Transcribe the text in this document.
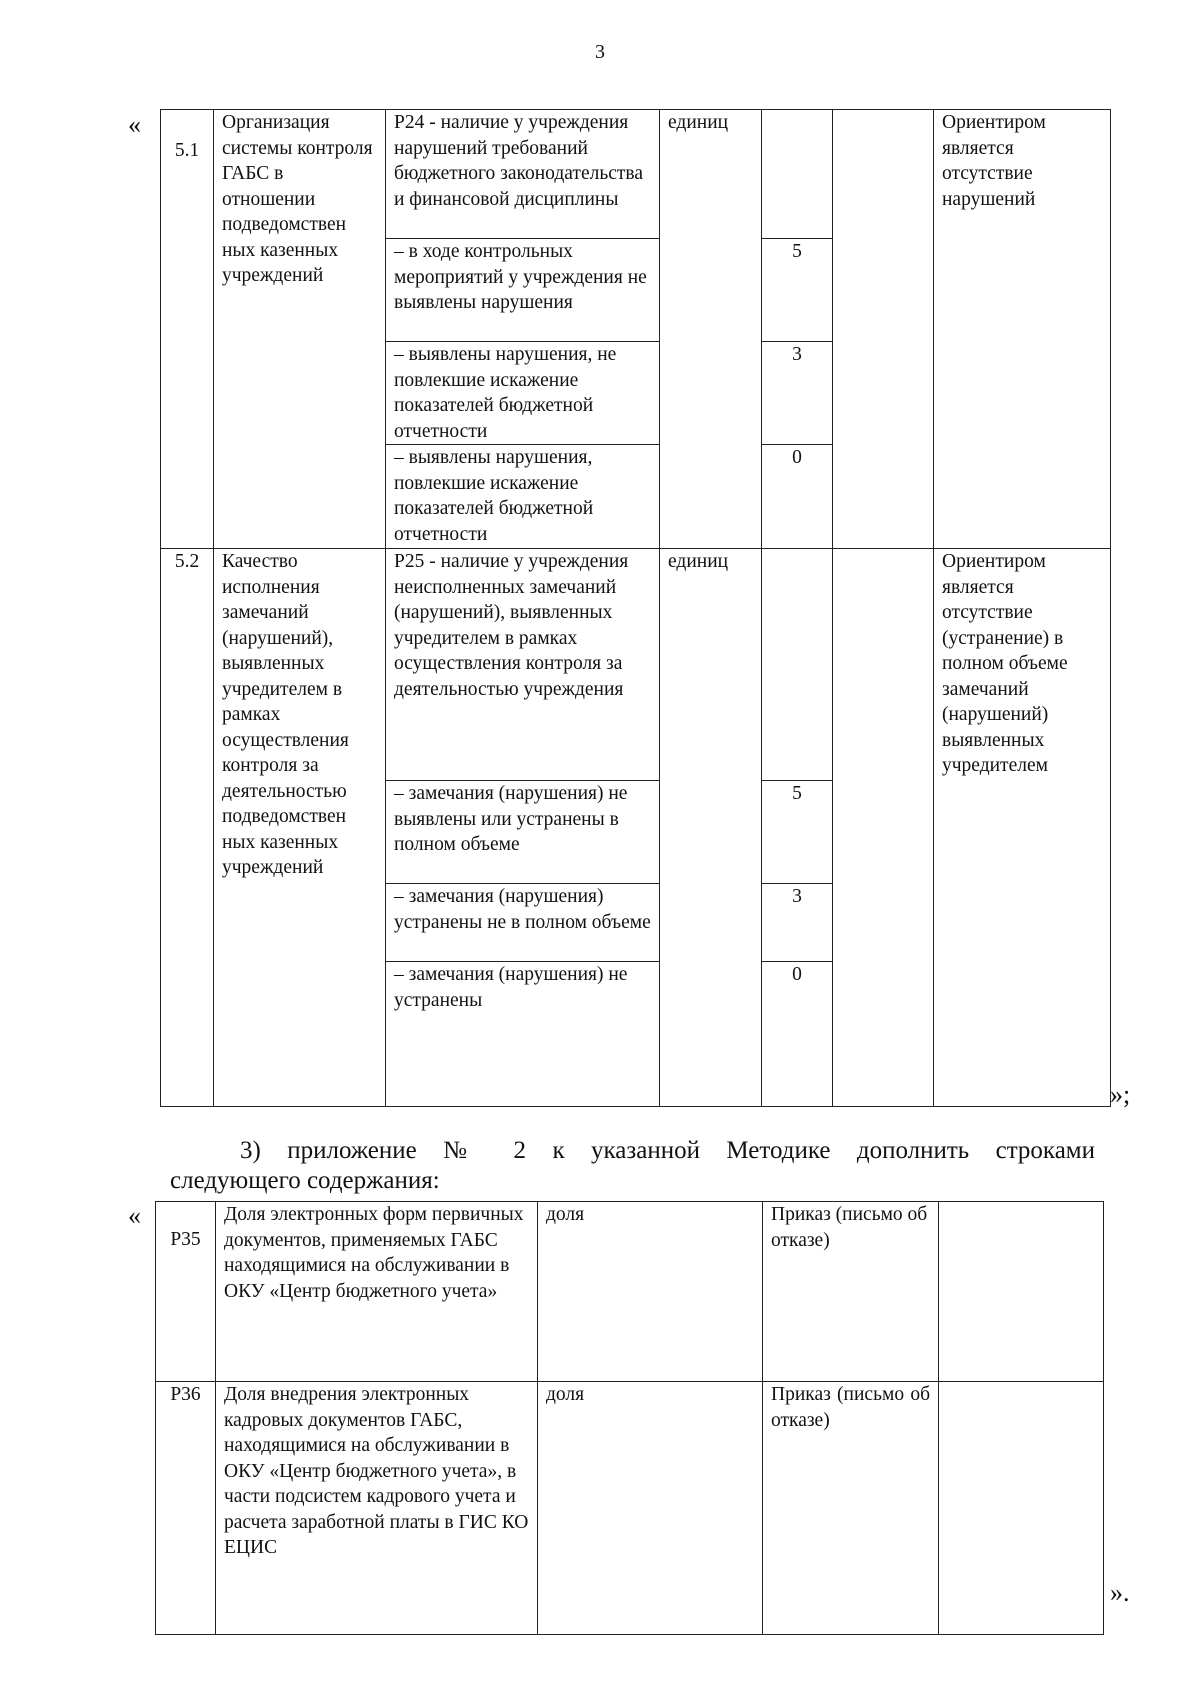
3
«
5.1	Организация системы контроля ГАБС в отношении подведомствен ных казенных учреждений	Р24 - наличие у учреждения нарушений требований бюджетного законодательства и финансовой дисциплины	единиц			Ориентиром является отсутствие нарушений
		– в ходе контрольных мероприятий у учреждения не выявлены нарушения		5		
		– выявлены нарушения, не повлекшие искажение показателей бюджетной отчетности		3		
		– выявлены нарушения, повлекшие искажение показателей бюджетной отчетности		0		
5.2	Качество исполнения замечаний (нарушений), выявленных учредителем в рамках осуществления контроля за деятельностью подведомствен ных казенных учреждений	Р25 - наличие у учреждения неисполненных замечаний (нарушений), выявленных учредителем в рамках осуществления контроля за деятельностью учреждения	единиц			Ориентиром является отсутствие (устранение) в полном объеме замечаний (нарушений) выявленных учредителем
		– замечания (нарушения) не выявлены или устранены в полном объеме		5		
		– замечания (нарушения) устранены не в полном объеме		3		
		– замечания (нарушения) не устранены		0		
»;
3) приложение № 2 к указанной Методике дополнить строками
следующего содержания:
«
Р35	Доля электронных форм первичных документов, применяемых ГАБС находящимися на обслуживании в ОКУ «Центр бюджетного учета»	доля	Приказ (письмо об отказе)	
Р36	Доля внедрения электронных кадровых документов ГАБС, находящимися на обслуживании в ОКУ «Центр бюджетного учета», в части подсистем кадрового учета и расчета заработной платы в ГИС КО ЕЦИС	доля	Приказ (письмо об отказе)	
».
